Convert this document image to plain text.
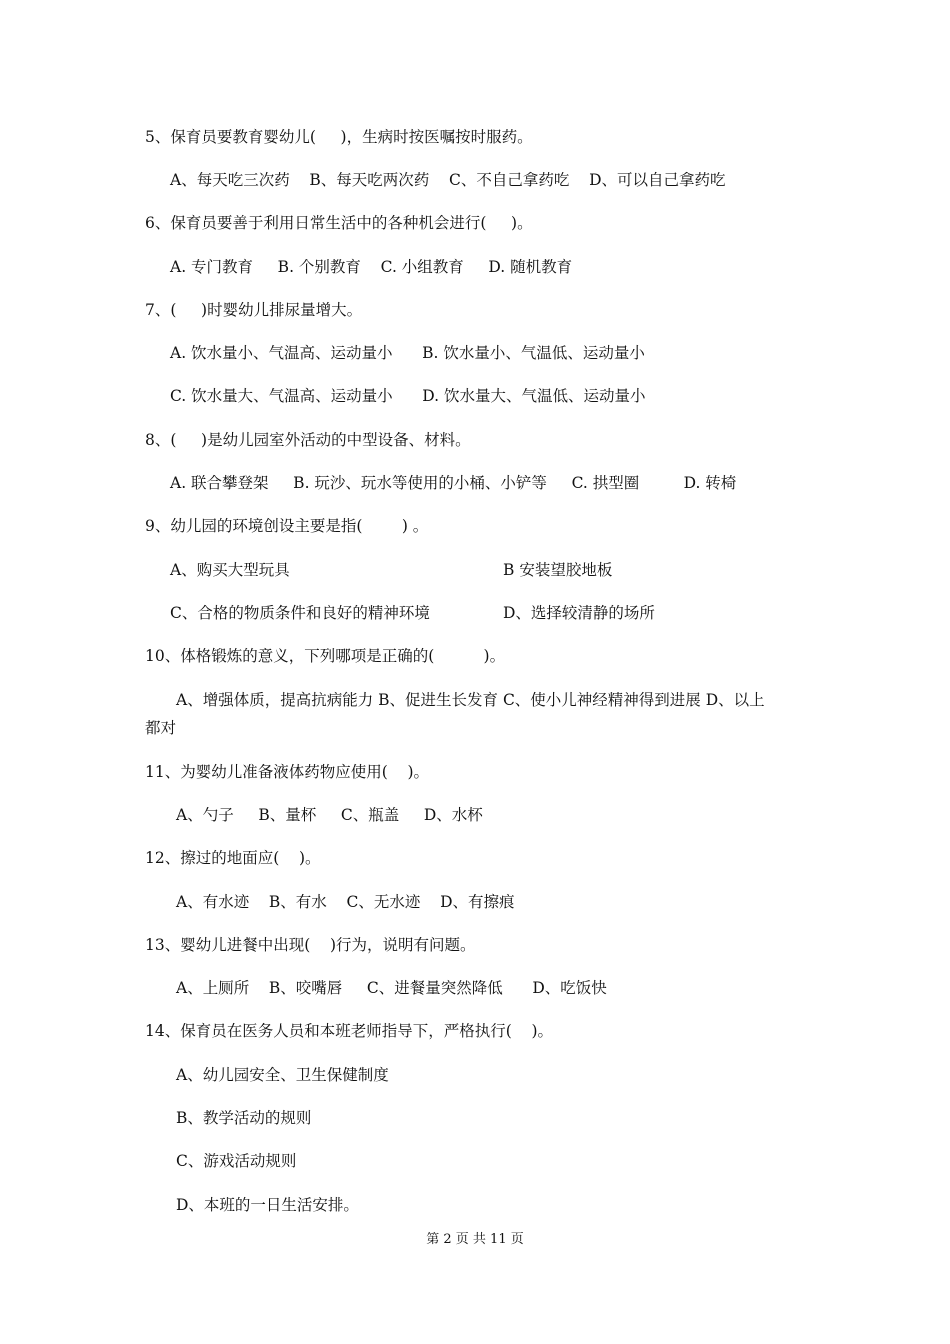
5、保育员要教育婴幼儿(     )，生病时按医嘱按时服药。
A、每天吃三次药    B、每天吃两次药    C、不自己拿药吃    D、可以自己拿药吃
6、保育员要善于利用日常生活中的各种机会进行(     )。
A. 专门教育     B. 个别教育    C. 小组教育     D. 随机教育
7、(     )时婴幼儿排尿量增大。
A. 饮水量小、气温高、运动量小      B. 饮水量小、气温低、运动量小
C. 饮水量大、气温高、运动量小      D. 饮水量大、气温低、运动量小
8、(     )是幼儿园室外活动的中型设备、材料。
A. 联合攀登架     B. 玩沙、玩水等使用的小桶、小铲等     C. 拱型圈         D. 转椅
9、幼儿园的环境创设主要是指(        ) 。
A、购买大型玩具	B 安装望胶地板
C、合格的物质条件和良好的精神环境	D、选择较清静的场所
10、体格锻炼的意义，下列哪项是正确的(          )。
A、增强体质，提高抗病能力 B、促进生长发育 C、使小儿神经精神得到进展 D、以上
都对
11、为婴幼儿准备液体药物应使用(    )。
A、勺子     B、量杯     C、瓶盖     D、水杯
12、擦过的地面应(    )。
A、有水迹    B、有水    C、无水迹    D、有擦痕
13、婴幼儿进餐中出现(    )行为，说明有问题。
A、上厕所    B、咬嘴唇     C、进餐量突然降低      D、吃饭快
14、保育员在医务人员和本班老师指导下，严格执行(    )。
A、幼儿园安全、卫生保健制度
B、教学活动的规则
C、游戏活动规则
D、本班的一日生活安排。
第 2 页 共 11 页
